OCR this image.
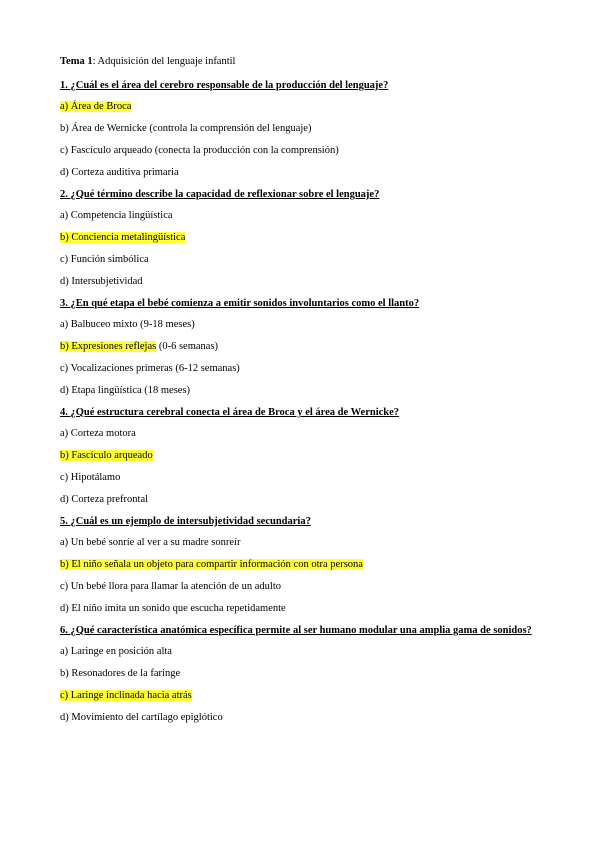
Tema 1: Adquisición del lenguaje infantil

1. ¿Cuál es el área del cerebro responsable de la producción del lenguaje?

a) Área de Broca

b) Área de Wernicke (controla la comprensión del lenguaje)

c) Fascículo arqueado (conecta la producción con la comprensión)

d) Corteza auditiva primaria

2. ¿Qué término describe la capacidad de reflexionar sobre el lenguaje?

a) Competencia lingüística

b) Conciencia metalingüística

c) Función simbólica

d) Intersubjetividad

3. ¿En qué etapa el bebé comienza a emitir sonidos involuntarios como el llanto?

a) Balbuceo mixto (9-18 meses)

b) Expresiones reflejas (0-6 semanas)

c) Vocalizaciones primeras (6-12 semanas)

d) Etapa lingüística (18 meses)

4. ¿Qué estructura cerebral conecta el área de Broca y el área de Wernicke?

a) Corteza motora

b) Fascículo arqueado

c) Hipotálamo

d) Corteza prefrontal

5. ¿Cuál es un ejemplo de intersubjetividad secundaria?

a) Un bebé sonríe al ver a su madre sonreír

b) El niño señala un objeto para compartir información con otra persona

c) Un bebé llora para llamar la atención de un adulto

d) El niño imita un sonido que escucha repetidamente

6. ¿Qué característica anatómica específica permite al ser humano modular una amplia gama de sonidos?

a) Laringe en posición alta

b) Resonadores de la faringe

c) Laringe inclinada hacia atrás

d) Movimiento del cartílago epiglótico
